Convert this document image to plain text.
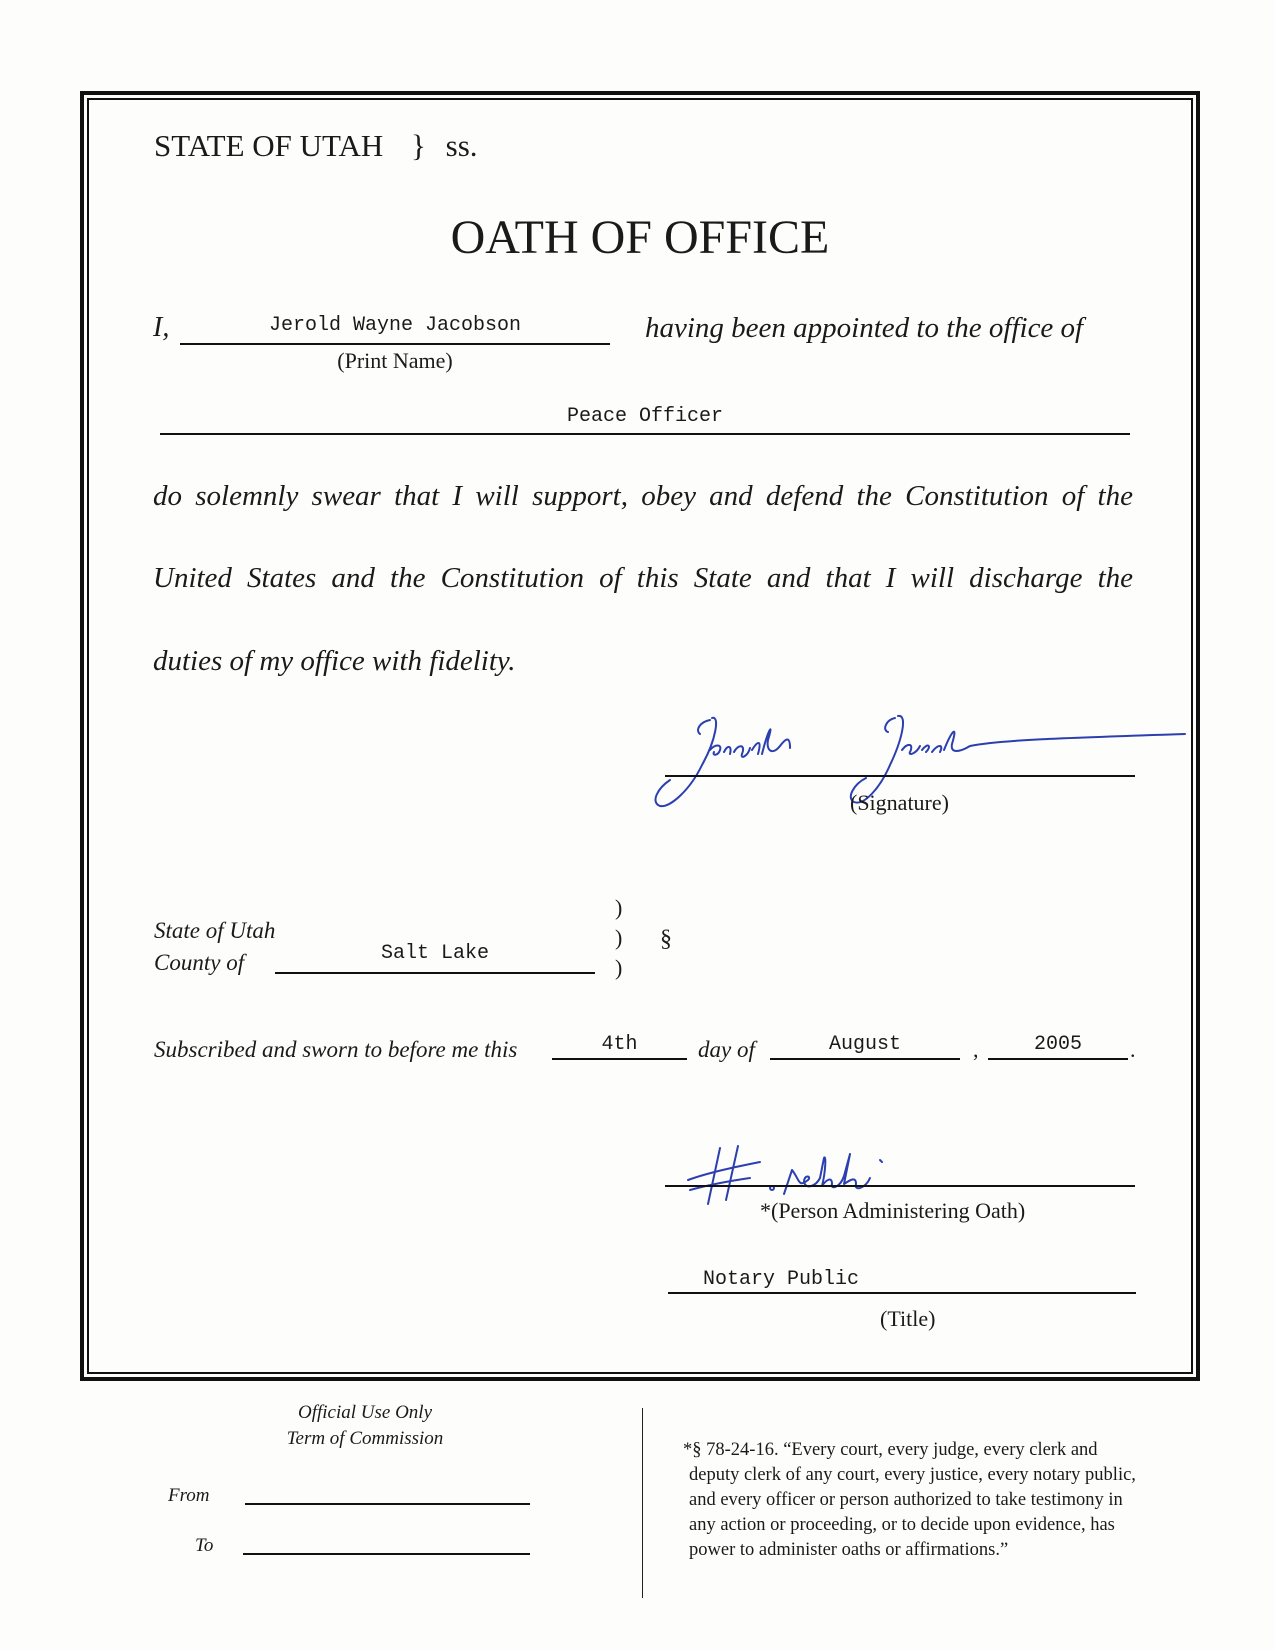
STATE OF UTAH } ss.
OATH OF OFFICE
I,	Jerold Wayne Jacobson
(Print Name)
having been appointed to the office of
Peace Officer
do solemnly swear that I will support, obey and defend the Constitution of the
United States and the Constitution of this State and that I will discharge the
duties of my office with fidelity.
(Signature)
State of Utah
County of	Salt Lake
)
)
)
§
Subscribed and sworn to before me this	4th	day of	August	,	2005	.
*(Person Administering Oath)
Notary Public
(Title)
Official Use Only
Term of Commission
From
To
*§ 78-24-16. “Every court, every judge, every clerk and
deputy clerk of any court, every justice, every notary public,
and every officer or person authorized to take testimony in
any action or proceeding, or to decide upon evidence, has
power to administer oaths or affirmations.”
